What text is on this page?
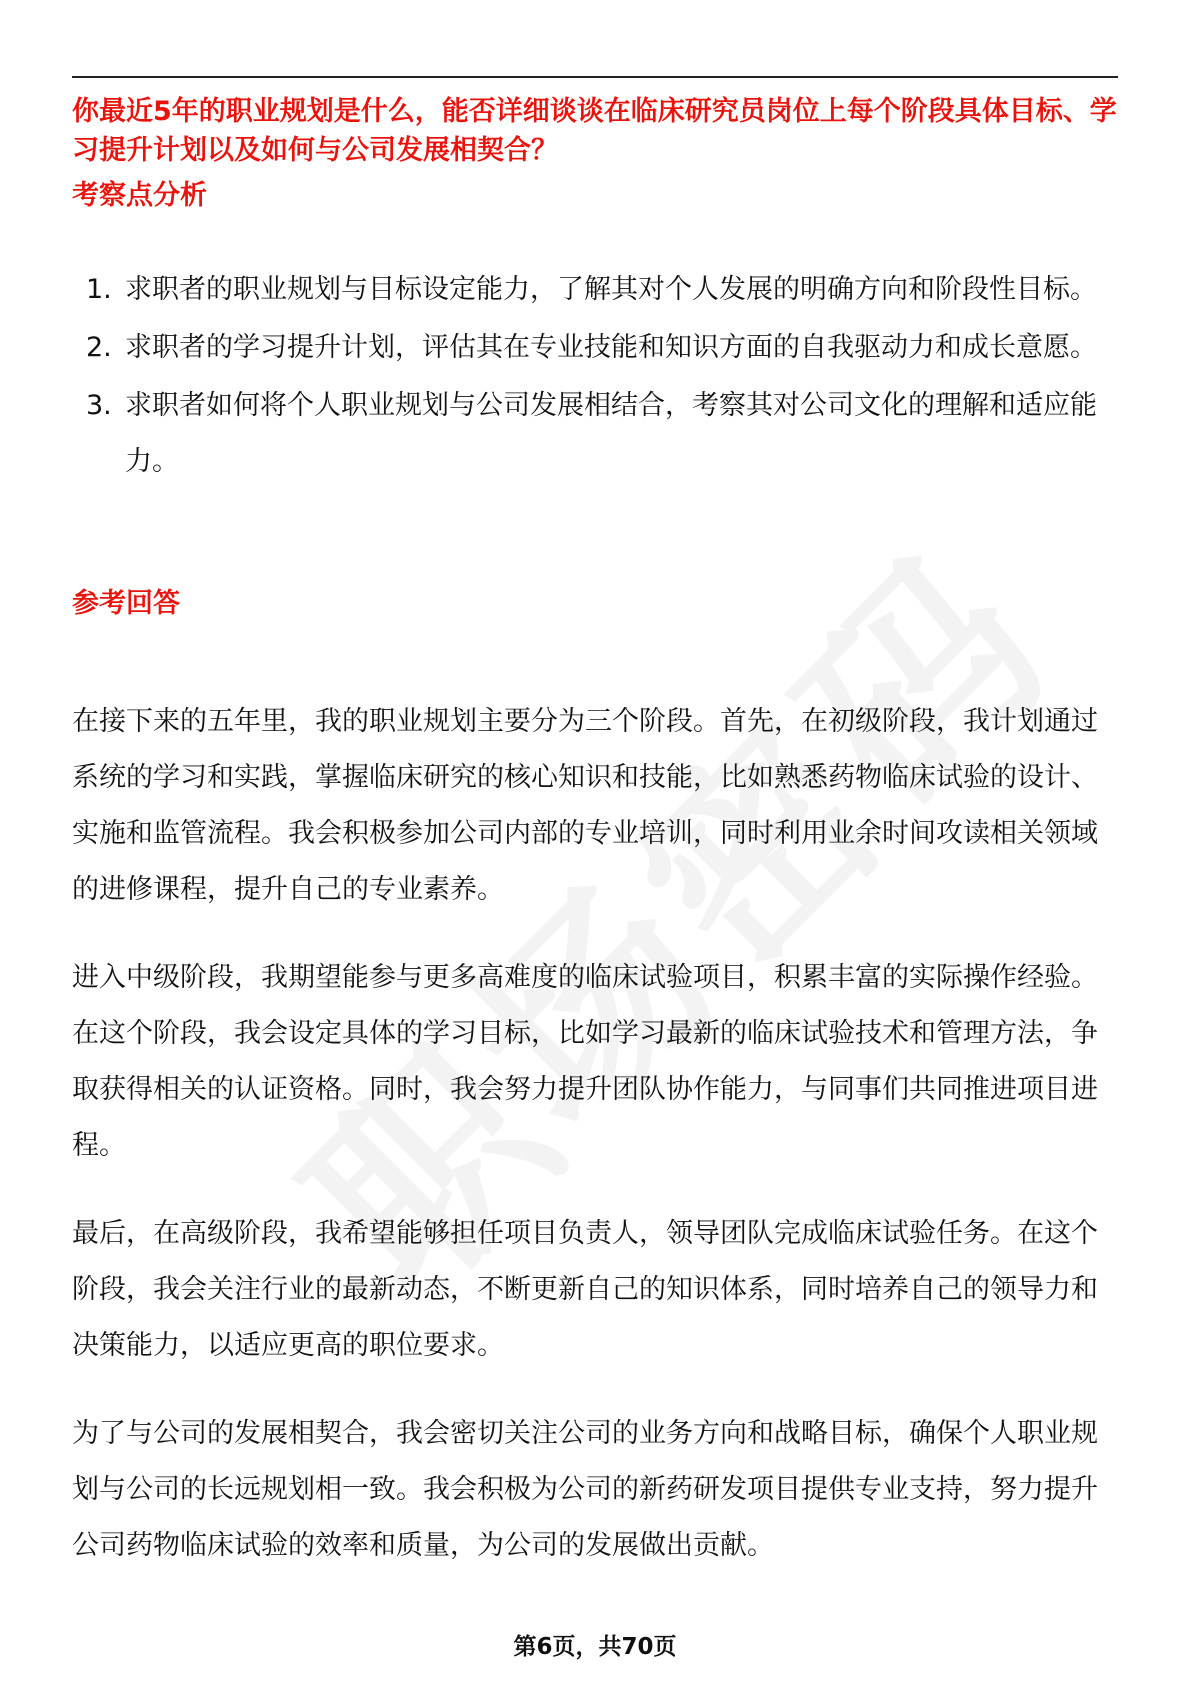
你最近5年的职业规划是什么，能否详细谈谈在临床研究员岗位上每个阶段具体目标、学习提升计划以及如何与公司发展相契合？

考察点分析
1. 求职者的职业规划与目标设定能力，了解其对个人发展的明确方向和阶段性目标。
2. 求职者的学习提升计划，评估其在专业技能和知识方面的自我驱动力和成长意愿。
3. 求职者如何将个人职业规划与公司发展相结合，考察其对公司文化的理解和适应能力。
参考回答

在接下来的五年里，我的职业规划主要分为三个阶段。首先，在初级阶段，我计划通过系统的学习和实践，掌握临床研究的核心知识和技能，比如熟悉药物临床试验的设计、实施和监管流程。我会积极参加公司内部的专业培训，同时利用业余时间攻读相关领域的进修课程，提升自己的专业素养。

进入中级阶段，我期望能参与更多高难度的临床试验项目，积累丰富的实际操作经验。在这个阶段，我会设定具体的学习目标，比如学习最新的临床试验技术和管理方法，争取获得相关的认证资格。同时，我会努力提升团队协作能力，与同事们共同推进项目进程。

最后，在高级阶段，我希望能够担任项目负责人，领导团队完成临床试验任务。在这个阶段，我会关注行业的最新动态，不断更新自己的知识体系，同时培养自己的领导力和决策能力，以适应更高的职位要求。

为了与公司的发展相契合，我会密切关注公司的业务方向和战略目标，确保个人职业规划与公司的长远规划相一致。我会积极为公司的新药研发项目提供专业支持，努力提升公司药物临床试验的效率和质量，为公司的发展做出贡献。

第6页，共70页
